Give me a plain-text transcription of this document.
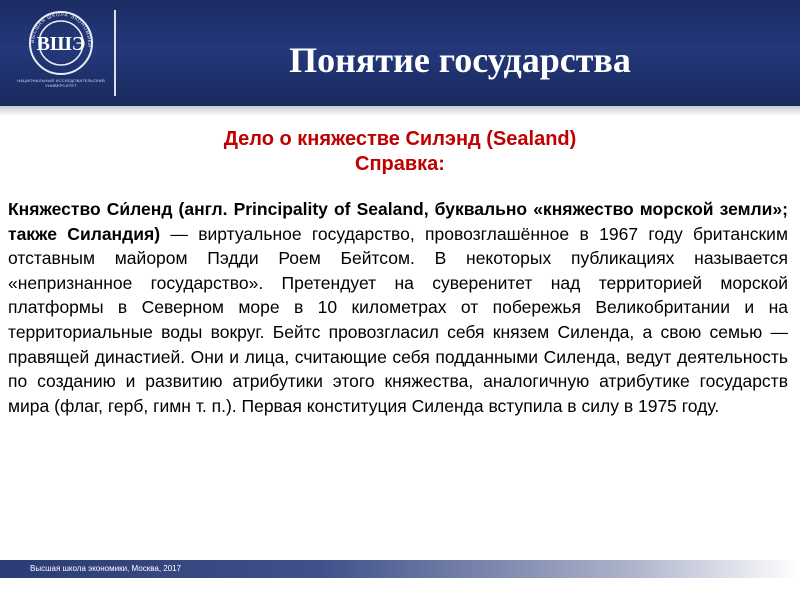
ВЫСШАЯ ШКОЛА ЭКОНОМИКИ
ВШЭ
НАЦИОНАЛЬНЫЙ ИССЛЕДОВАТЕЛЬСКИЙ УНИВЕРСИТЕТ
Понятие государства
Дело о княжестве Силэнд (Sealand)
Справка:

Княжество Си́ленд (англ. Principality of Sealand, буквально «княжество морской земли»; также Силандия) — виртуальное государство, провозглашённое в 1967 году британским отставным майором Пэдди Роем Бейтсом. В некоторых публикациях называется «непризнанное государство». Претендует на суверенитет над территорией морской платформы в Северном море в 10 километрах от побережья Великобритании и на территориальные воды вокруг. Бейтс провозгласил себя князем Силенда, а свою семью — правящей династией. Они и лица, считающие себя подданными Силенда, ведут деятельность по созданию и развитию атрибутики этого княжества, аналогичную атрибутике государств мира (флаг, герб, гимн т. п.). Первая конституция Силенда вступила в силу в 1975 году.

Высшая школа экономики, Москва, 2017
